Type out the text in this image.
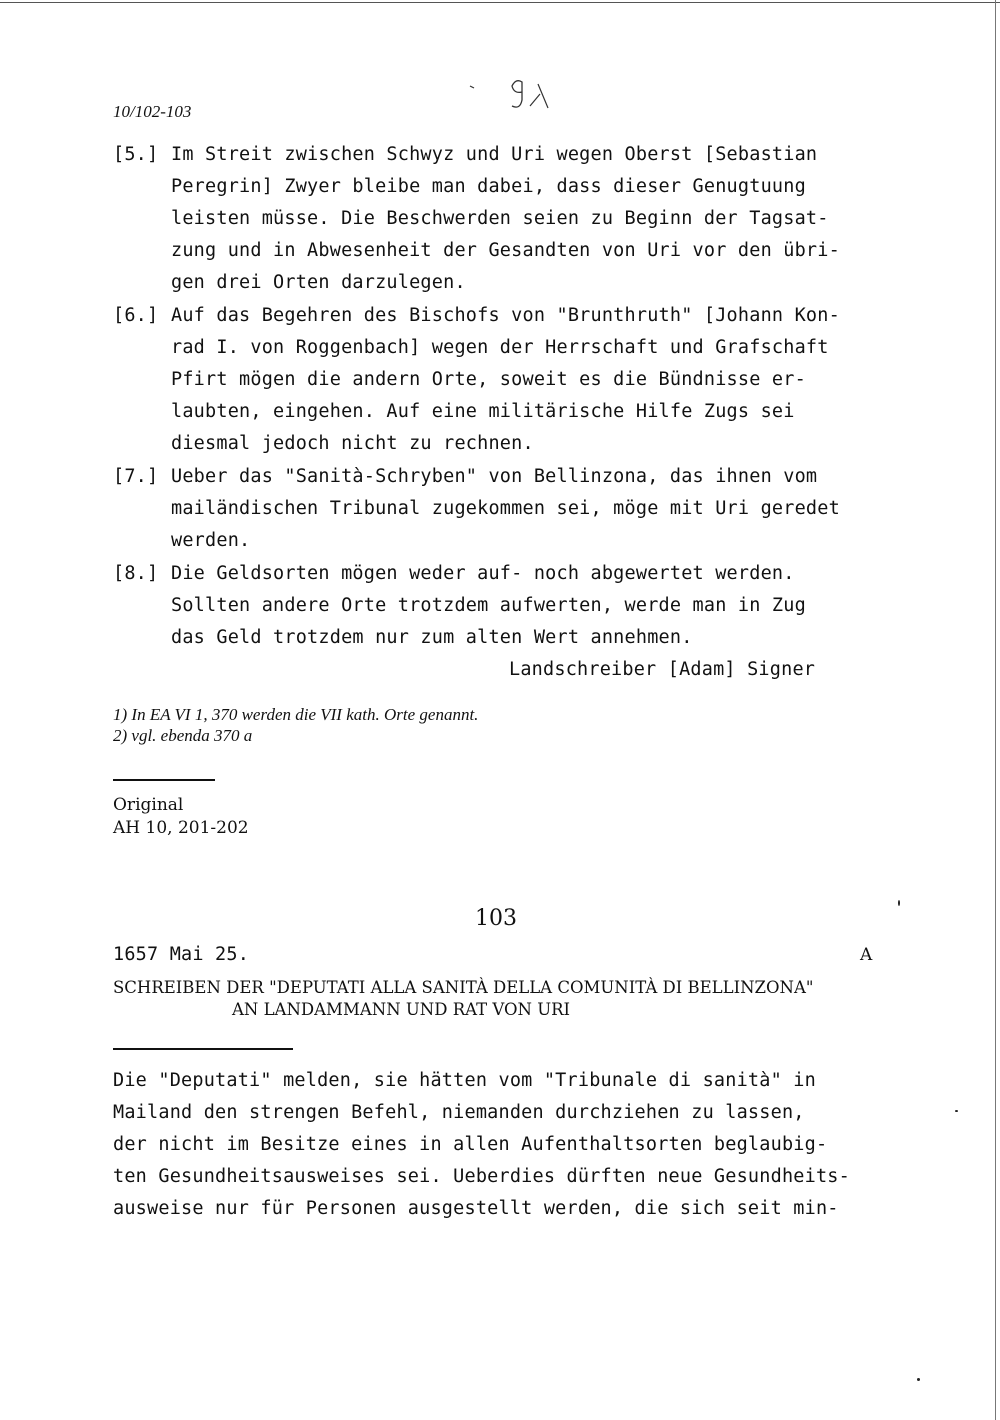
10/102-103
[5.] Im Streit zwischen Schwyz und Uri wegen Oberst [Sebastian
Peregrin] Zwyer bleibe man dabei, dass dieser Genugtuung
leisten müsse. Die Beschwerden seien zu Beginn der Tagsat-
zung und in Abwesenheit der Gesandten von Uri vor den übri-
gen drei Orten darzulegen.
[6.] Auf das Begehren des Bischofs von "Brunthruth" [Johann Kon-
rad I. von Roggenbach] wegen der Herrschaft und Grafschaft
Pfirt mögen die andern Orte, soweit es die Bündnisse er-
laubten, eingehen. Auf eine militärische Hilfe Zugs sei
diesmal jedoch nicht zu rechnen.
[7.] Ueber das "Sanità-Schryben" von Bellinzona, das ihnen vom
mailändischen Tribunal zugekommen sei, möge mit Uri geredet
werden.
[8.] Die Geldsorten mögen weder auf- noch abgewertet werden.
Sollten andere Orte trotzdem aufwerten, werde man in Zug
das Geld trotzdem nur zum alten Wert annehmen.
Landschreiber [Adam] Signer
1) In EA VI 1, 370 werden die VII kath. Orte genannt.
2) vgl. ebenda 370 a
Original
AH 10, 201-202
103
1657 Mai 25.	A
SCHREIBEN DER "DEPUTATI ALLA SANITÀ DELLA COMUNITÀ DI BELLINZONA"
AN LANDAMMANN UND RAT VON URI
Die "Deputati" melden, sie hätten vom "Tribunale di sanità" in
Mailand den strengen Befehl, niemanden durchziehen zu lassen,
der nicht im Besitze eines in allen Aufenthaltsorten beglaubig-
ten Gesundheitsausweises sei. Ueberdies dürften neue Gesundheits-
ausweise nur für Personen ausgestellt werden, die sich seit min-
